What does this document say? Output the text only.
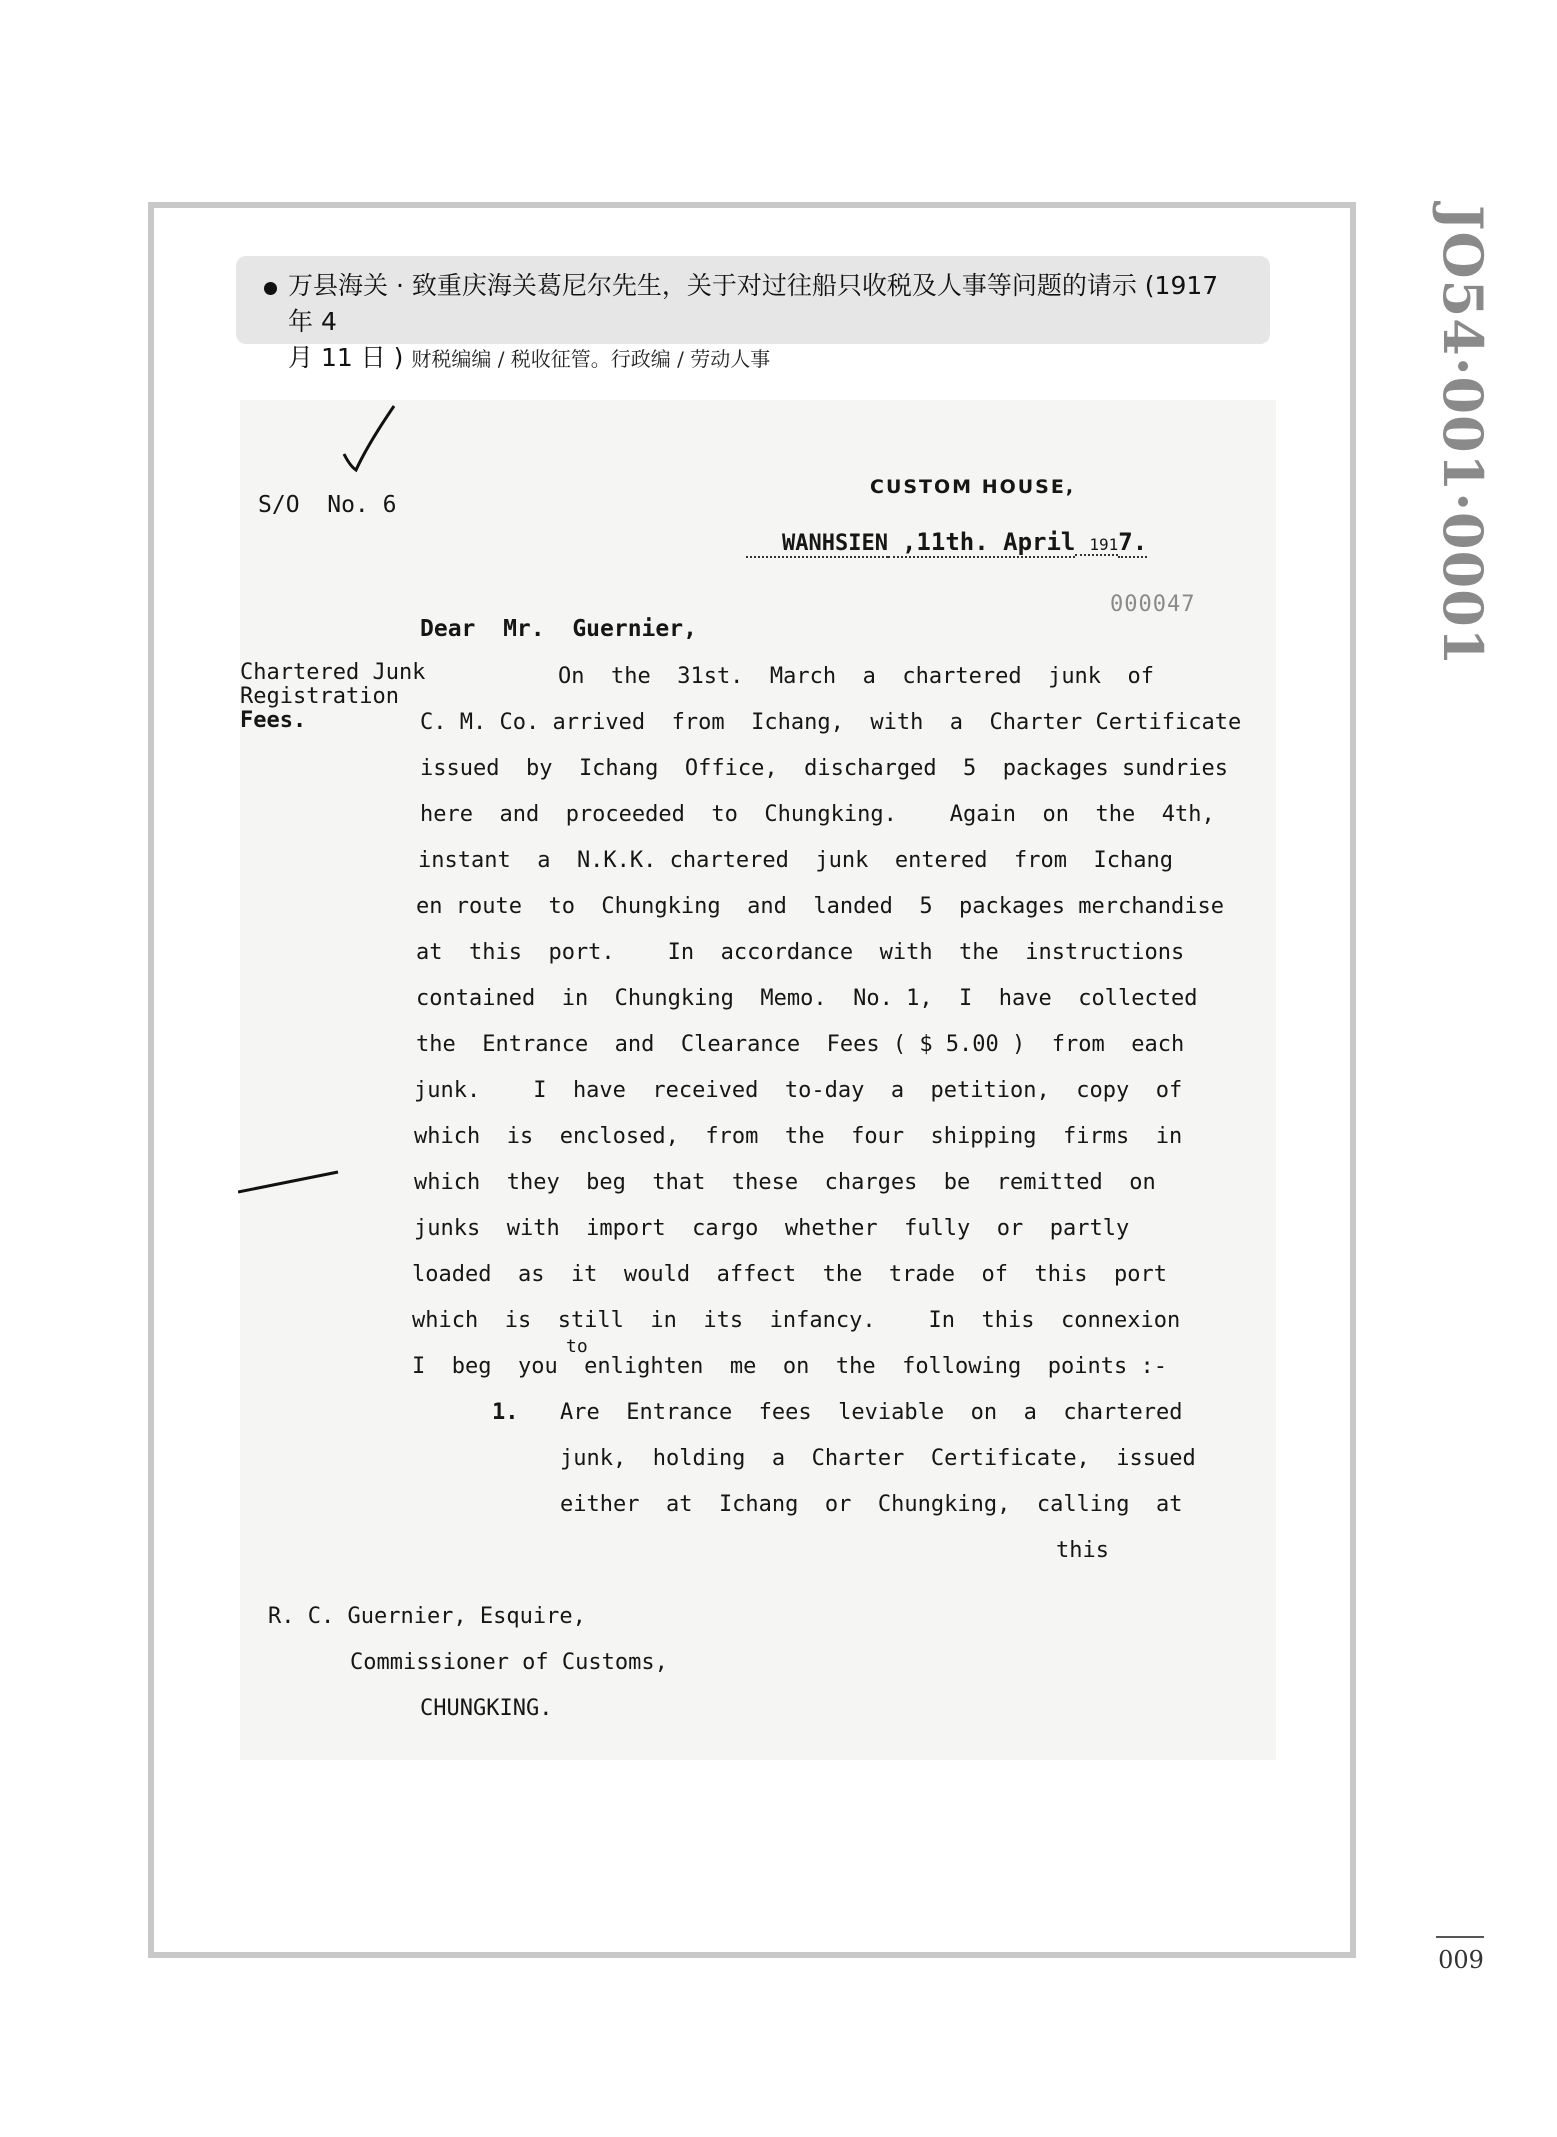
万县海关 · 致重庆海关葛尼尔先生，关于对过往船只收税及人事等问题的请示 (1917 年 4
月 11 日 ) 财税编编 / 税收征管。行政编 / 劳动人事	JO54·001·0001
009
S/O  No. 6
CUSTOM HOUSE,
WANHSIEN ,11th. April 1917.
000047
Dear  Mr.  Guernier,
Chartered Junk
Registration
Fees.
On  the  31st.  March  a  chartered  junk  of
C. M. Co. arrived  from  Ichang,  with  a  Charter Certificate
issued  by  Ichang  Office,  discharged  5  packages sundries
here  and  proceeded  to  Chungking.    Again  on  the  4th,
instant  a  N.K.K. chartered  junk  entered  from  Ichang
en route  to  Chungking  and  landed  5  packages merchandise
at  this  port.    In  accordance  with  the  instructions
contained  in  Chungking  Memo.  No. 1,  I  have  collected
the  Entrance  and  Clearance  Fees ( $ 5.00 )  from  each
junk.    I  have  received  to-day  a  petition,  copy  of
which  is  enclosed,  from  the  four  shipping  firms  in
which  they  beg  that  these  charges  be  remitted  on
junks  with  import  cargo  whether  fully  or  partly
loaded  as  it  would  affect  the  trade  of  this  port
which  is  still  in  its  infancy.    In  this  connexion
to
I  beg  you  enlighten  me  on  the  following  points :-
1. Are  Entrance  fees  leviable  on  a  chartered
junk,  holding  a  Charter  Certificate,  issued
either  at  Ichang  or  Chungking,  calling  at
this
R. C. Guernier, Esquire,
Commissioner of Customs,
CHUNGKING.
